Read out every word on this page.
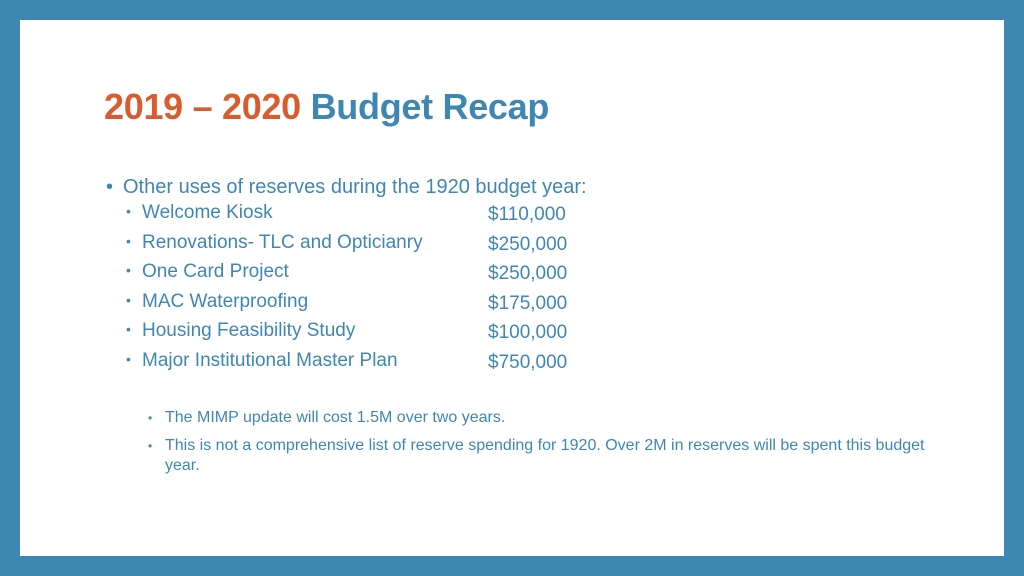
2019 – 2020 Budget Recap
• Other uses of reserves during the 1920 budget year:
• Welcome Kiosk	$110,000
• Renovations- TLC and Opticianry	$250,000
• One Card Project	$250,000
• MAC Waterproofing	$175,000
• Housing Feasibility Study	$100,000
• Major Institutional Master Plan	$750,000
• The MIMP update will cost 1.5M over two years.
• This is not a comprehensive list of reserve spending for 1920. Over 2M in reserves will be spent this budget year.
